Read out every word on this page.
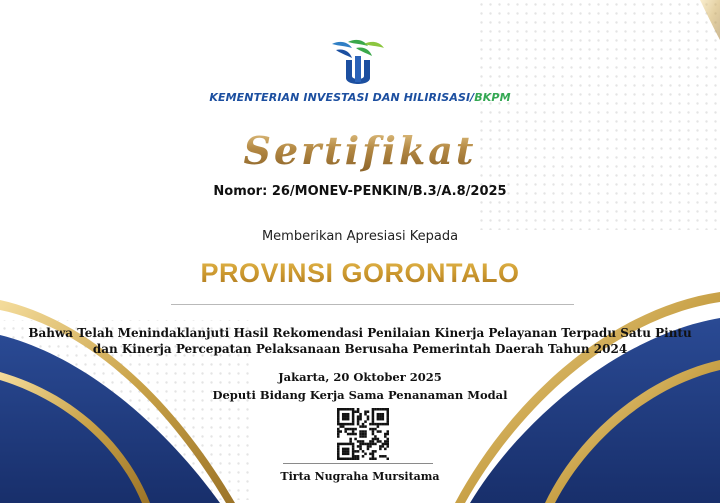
KEMENTERIAN INVESTASI DAN HILIRISASI/BKPM
Sertifikat
Nomor: 26/MONEV-PENKIN/B.3/A.8/2025
Memberikan Apresiasi Kepada
PROVINSI GORONTALO
Bahwa Telah Menindaklanjuti Hasil Rekomendasi Penilaian Kinerja Pelayanan Terpadu Satu Pintu
dan Kinerja Percepatan Pelaksanaan Berusaha Pemerintah Daerah Tahun 2024
Jakarta, 20 Oktober 2025
Deputi Bidang Kerja Sama Penanaman Modal
Tirta Nugraha Mursitama
